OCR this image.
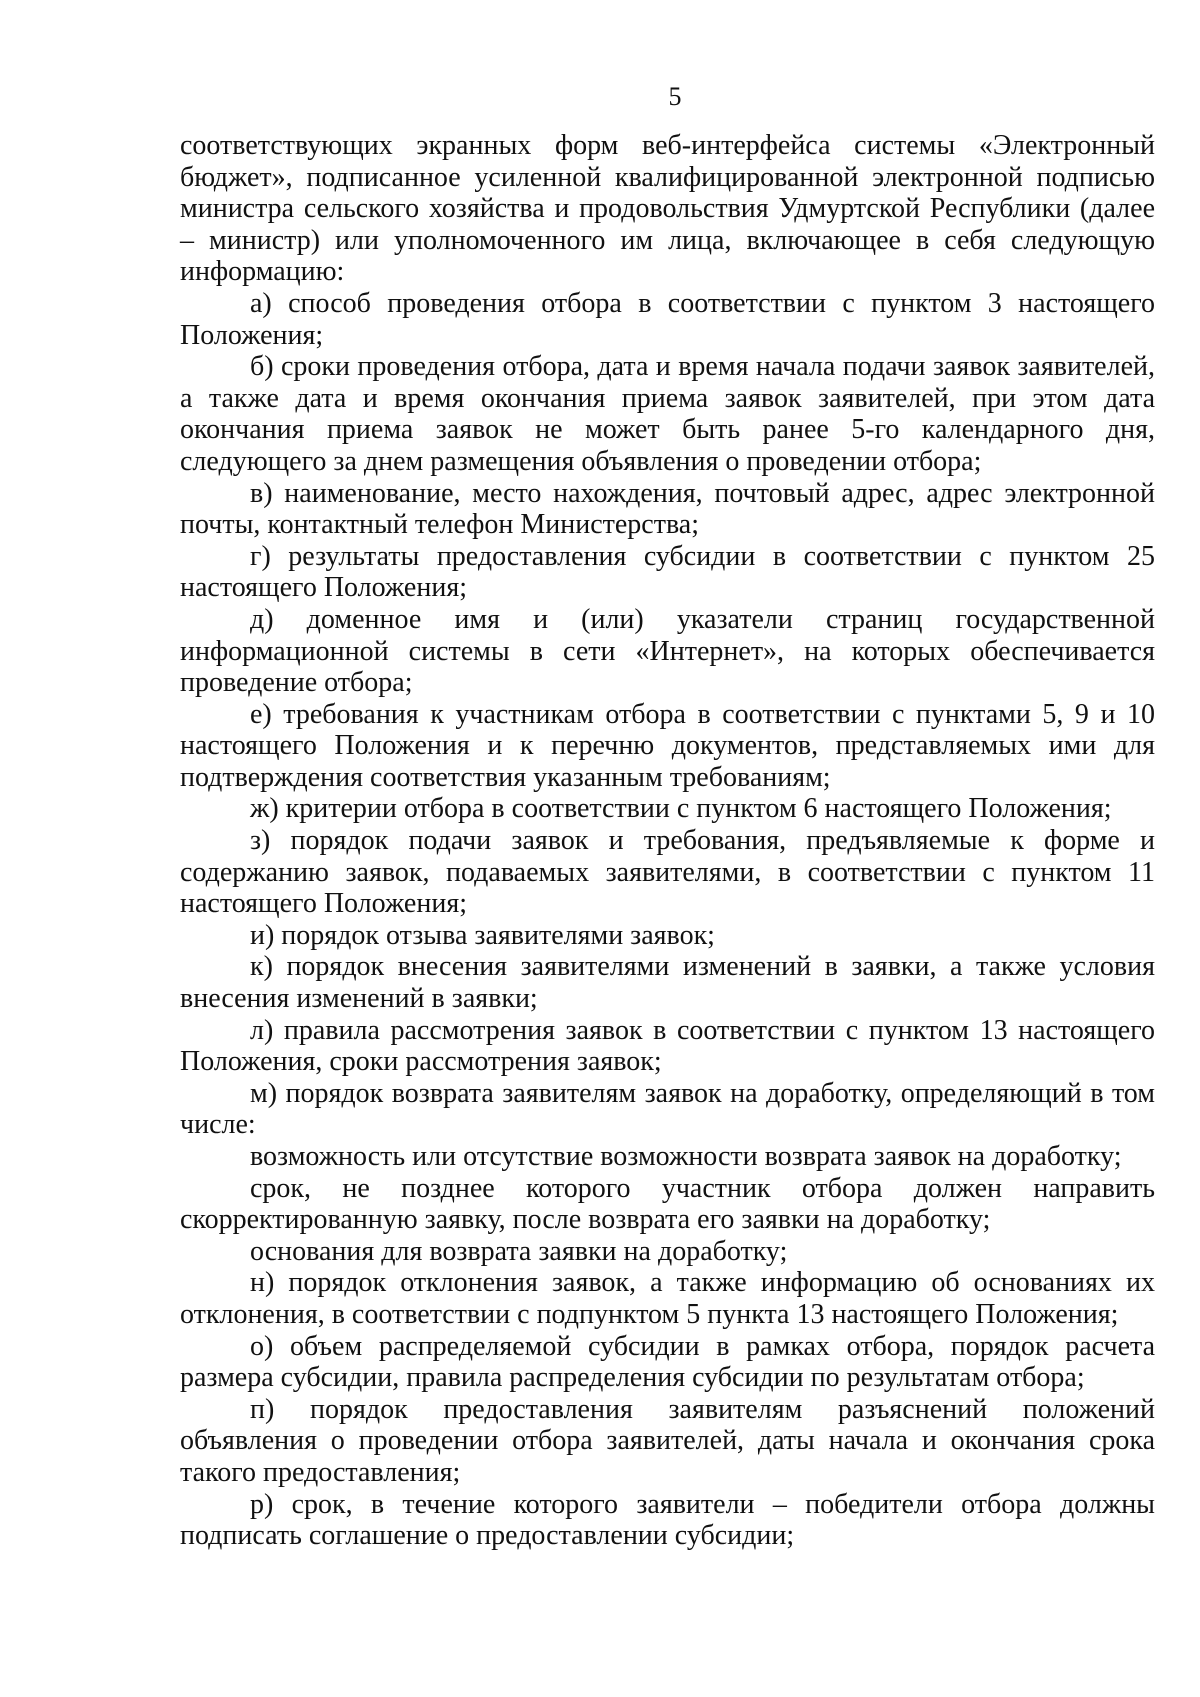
5

соответствующих экранных форм веб-интерфейса системы «Электронный бюджет», подписанное усиленной квалифицированной электронной подписью министра сельского хозяйства и продовольствия Удмуртской Республики (далее – министр) или уполномоченного им лица, включающее в себя следующую информацию:

а) способ проведения отбора в соответствии с пунктом 3 настоящего Положения;

б) сроки проведения отбора, дата и время начала подачи заявок заявителей, а также дата и время окончания приема заявок заявителей, при этом дата окончания приема заявок не может быть ранее 5-го календарного дня, следующего за днем размещения объявления о проведении отбора;

в) наименование, место нахождения, почтовый адрес, адрес электронной почты, контактный телефон Министерства;

г) результаты предоставления субсидии в соответствии с пунктом 25 настоящего Положения;

д) доменное имя и (или) указатели страниц государственной информационной системы в сети «Интернет», на которых обеспечивается проведение отбора;

е) требования к участникам отбора в соответствии с пунктами 5, 9 и 10 настоящего Положения и к перечню документов, представляемых ими для подтверждения соответствия указанным требованиям;

ж) критерии отбора в соответствии с пунктом 6 настоящего Положения;

з) порядок подачи заявок и требования, предъявляемые к форме и содержанию заявок, подаваемых заявителями, в соответствии с пунктом 11 настоящего Положения;

и) порядок отзыва заявителями заявок;

к) порядок внесения заявителями изменений в заявки, а также условия внесения изменений в заявки;

л) правила рассмотрения заявок в соответствии с пунктом 13 настоящего Положения, сроки рассмотрения заявок;

м) порядок возврата заявителям заявок на доработку, определяющий в том числе:

возможность или отсутствие возможности возврата заявок на доработку;

срок, не позднее которого участник отбора должен направить скорректированную заявку, после возврата его заявки на доработку;

основания для возврата заявки на доработку;

н) порядок отклонения заявок, а также информацию об основаниях их отклонения, в соответствии с подпунктом 5 пункта 13 настоящего Положения;

о) объем распределяемой субсидии в рамках отбора, порядок расчета размера субсидии, правила распределения субсидии по результатам отбора;

п) порядок предоставления заявителям разъяснений положений объявления о проведении отбора заявителей, даты начала и окончания срока такого предоставления;

р) срок, в течение которого заявители – победители отбора должны подписать соглашение о предоставлении субсидии;
